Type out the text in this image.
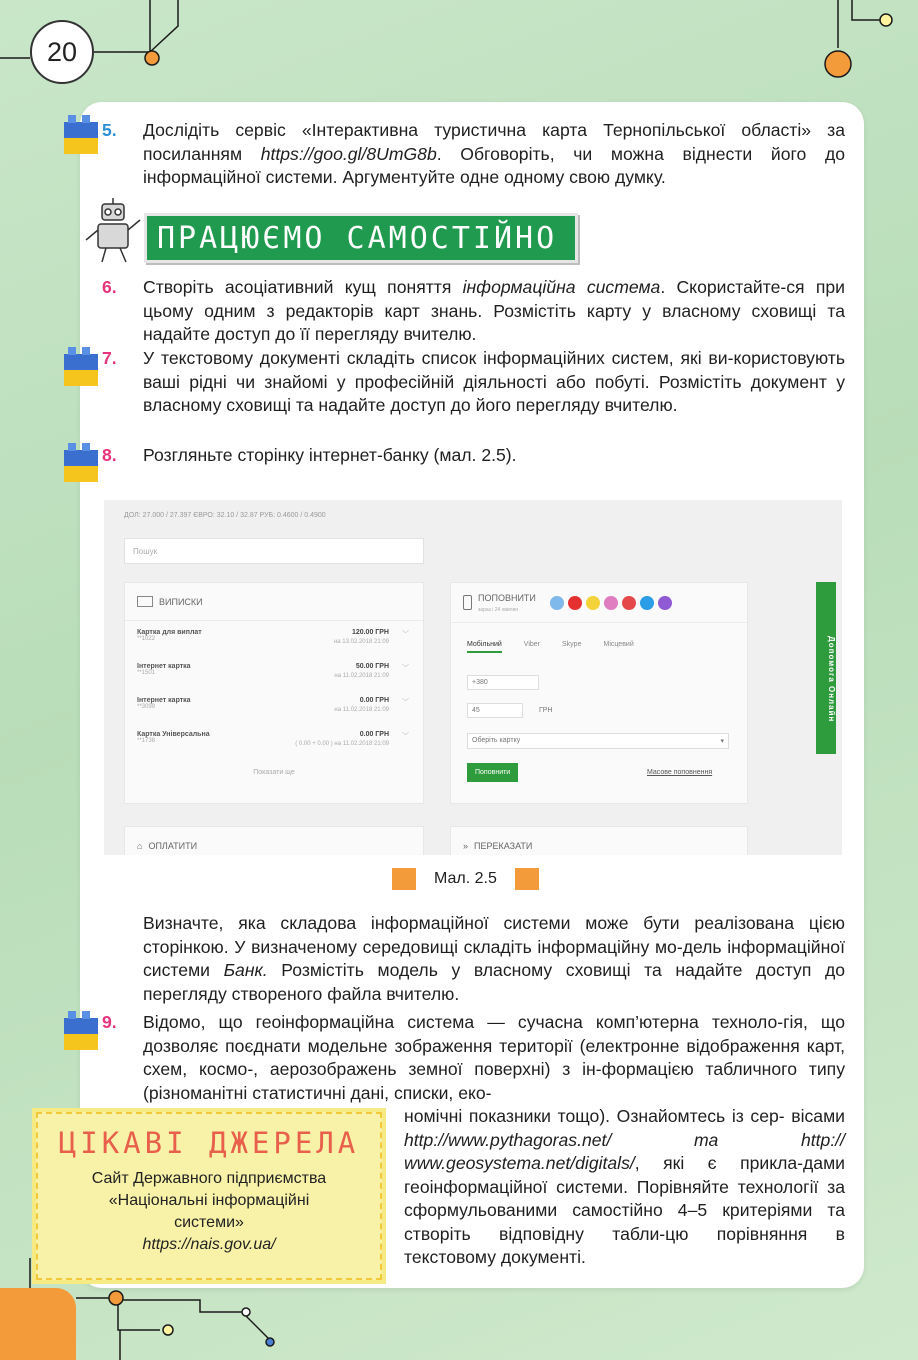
20
5. Дослідіть сервіс «Інтерактивна туристична карта Тернопільської області» за посиланням https://goo.gl/8UmG8b. Обговоріть, чи можна віднести його до інформаційної системи. Аргументуйте одне одному свою думку.
ПРАЦЮЄМО САМОСТІЙНО
6. Створіть асоціативний кущ поняття інформаційна система. Скористайте-ся при цьому одним з редакторів карт знань. Розмістіть карту у власному сховищі та надайте доступ до її перегляду вчителю.
7. У текстовому документі складіть список інформаційних систем, які ви-користовують ваші рідні чи знайомі у професійній діяльності або побуті. Розмістіть документ у власному сховищі та надайте доступ до його перегляду вчителю.
8. Розгляньте сторінку інтернет-банку (мал. 2.5).
ДОЛ: 27.000 / 27.397 ЄВРО: 32.10 / 32.87 РУБ: 0.4600 / 0.4900
Пошук
ВИПИСКИ
Картка для виплат
**1022
120.00 ГРН
на 13.02.2018 21:09
﹀
Інтернет картка
**1501
50.00 ГРН
на 11.02.2018 21:09
﹀
Інтернет картка
**3099
0.00 ГРН
на 11.02.2018 21:09
﹀
Картка Універсальна
**1738
0.00 ГРН
( 0.00 + 0.00 ) на 11.02.2018 21:09
﹀
Показати ще
ПОПОВНИТИ
зараз і 24 хвилин
Мобільний	Viber	Skype	Місцевий
+380
45	ГРН
Оберіть картку	▾
Поповнити	Масове поповнення
Допомога Онлайн
⌂ ОПЛАТИТИ	» ПЕРЕКАЗАТИ
Мал. 2.5
Визначте, яка складова інформаційної системи може бути реалізована цією сторінкою. У визначеному середовищі складіть інформаційну мо-дель інформаційної системи Банк. Розмістіть модель у власному сховищі та надайте доступ до перегляду створеного файла вчителю.
9. Відомо, що геоінформаційна система — сучасна комп’ютерна техноло-гія, що дозволяє поєднати модельне зображення території (електронне відображення карт, схем, космо-, аерозображень земної поверхні) з ін-формацією табличного типу (різноманітні статистичні дані, списки, еко-
номічні показники тощо). Ознайомтесь із сер- вісами http://www.pythagoras.net/ та http:// www.geosystema.net/digitals/, які є прикла-дами геоінформаційної системи. Порівняйте технології за сформульованими самостійно 4–5 критеріями та створіть відповідну табли-цю порівняння в текстовому документі.
ЦІКАВІ ДЖЕРЕЛА
Сайт Державного підприємства
«Національні інформаційні
системи»
https://nais.gov.ua/
